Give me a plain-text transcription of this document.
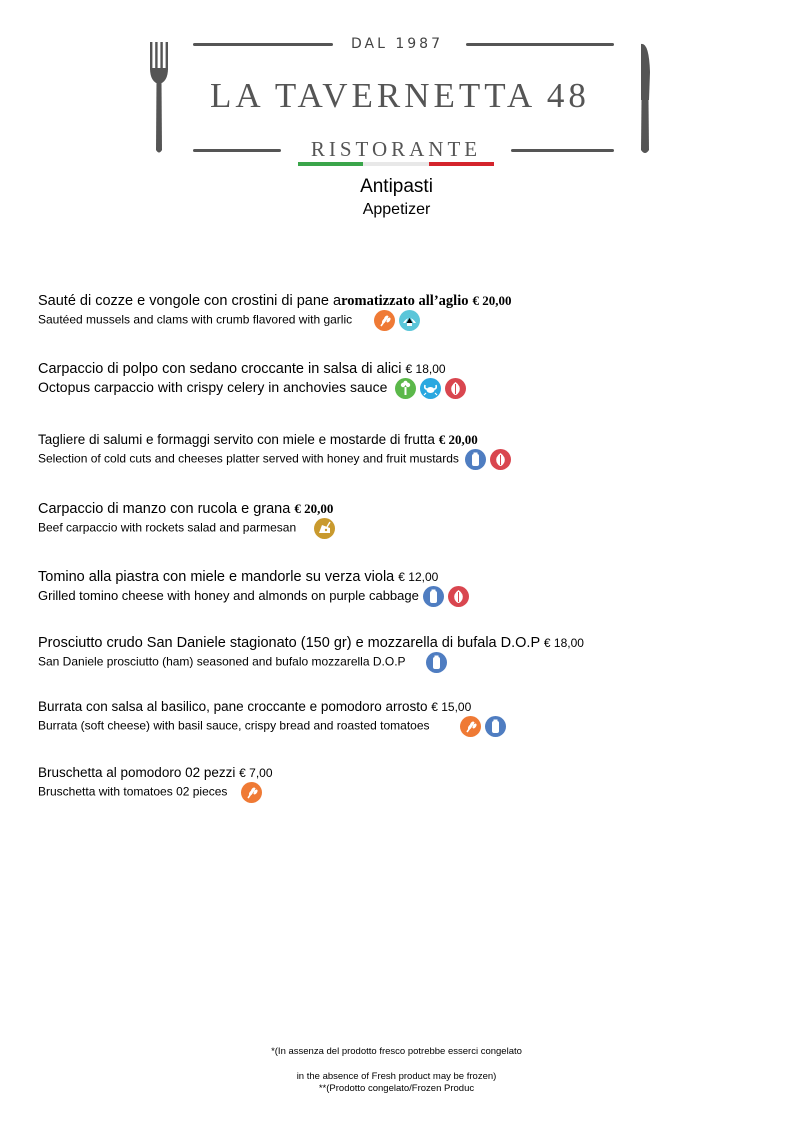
DAL 1987
LA TAVERNETTA 48
RISTORANTE
Antipasti
Appetizer
Sauté di cozze e vongole con crostini di pane aromatizzato all’aglio € 20,00
Sautéed mussels and clams with crumb flavored with garlic
Carpaccio di polpo con sedano croccante in salsa di alici € 18,00
Octopus carpaccio with crispy celery in anchovies sauce
Tagliere di salumi e formaggi servito con miele e mostarde di frutta € 20,00
Selection of cold cuts and cheeses platter served with honey and fruit mustards
Carpaccio di manzo con rucola e grana € 20,00
Beef carpaccio with rockets salad and parmesan
Tomino alla piastra con miele e mandorle su verza viola € 12,00
Grilled tomino cheese with honey and almonds on purple cabbage
Prosciutto crudo San Daniele stagionato (150 gr) e mozzarella di bufala D.O.P € 18,00
San Daniele prosciutto (ham) seasoned and bufalo mozzarella D.O.P
Burrata con salsa al basilico, pane croccante e pomodoro arrosto € 15,00
Burrata (soft cheese) with basil sauce, crispy bread and roasted tomatoes
Bruschetta al pomodoro 02 pezzi € 7,00
Bruschetta with tomatoes 02 pieces
*(In assenza del prodotto fresco potrebbe esserci congelato
in the absence of Fresh product may be frozen)
**(Prodotto congelato/Frozen Produc
